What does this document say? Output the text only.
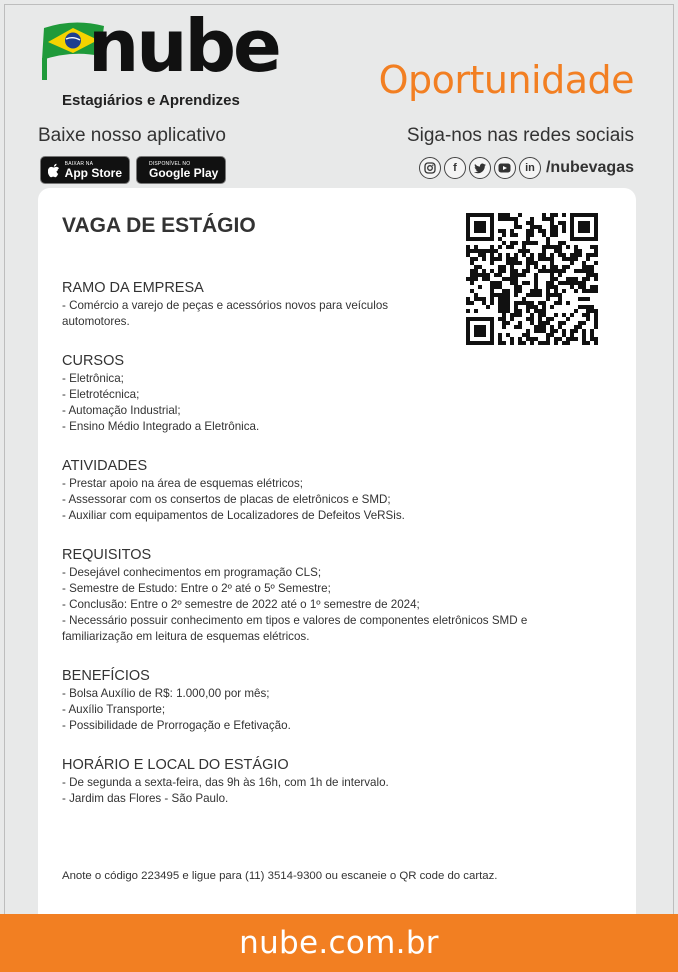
nube
Estagiários e Aprendizes	Oportunidade
Baixe nosso aplicativo	Siga-nos nas redes sociais
BAIXAR NA
App Store
DISPONÍVEL NO
Google Play	f	in /nubevagas
VAGA DE ESTÁGIO
RAMO DA EMPRESA
- Comércio a varejo de peças e acessórios novos para veículos
automotores.
CURSOS
- Eletrônica;
- Eletrotécnica;
- Automação Industrial;
- Ensino Médio Integrado a Eletrônica.
ATIVIDADES
- Prestar apoio na área de esquemas elétricos;
- Assessorar com os consertos de placas de eletrônicos e SMD;
- Auxiliar com equipamentos de Localizadores de Defeitos VeRSis.
REQUISITOS
- Desejável conhecimentos em programação CLS;
- Semestre de Estudo: Entre o 2º até o 5º Semestre;
- Conclusão: Entre o 2º semestre de 2022 até o 1º semestre de 2024;
- Necessário possuir conhecimento em tipos e valores de componentes eletrônicos SMD e
familiarização em leitura de esquemas elétricos.
BENEFÍCIOS
- Bolsa Auxílio de R$: 1.000,00 por mês;
- Auxílio Transporte;
- Possibilidade de Prorrogação e Efetivação.
HORÁRIO E LOCAL DO ESTÁGIO
- De segunda a sexta-feira, das 9h às 16h, com 1h de intervalo.
- Jardim das Flores - São Paulo.
Anote o código 223495 e ligue para (11) 3514-9300 ou escaneie o QR code do cartaz.
nube.com.br
